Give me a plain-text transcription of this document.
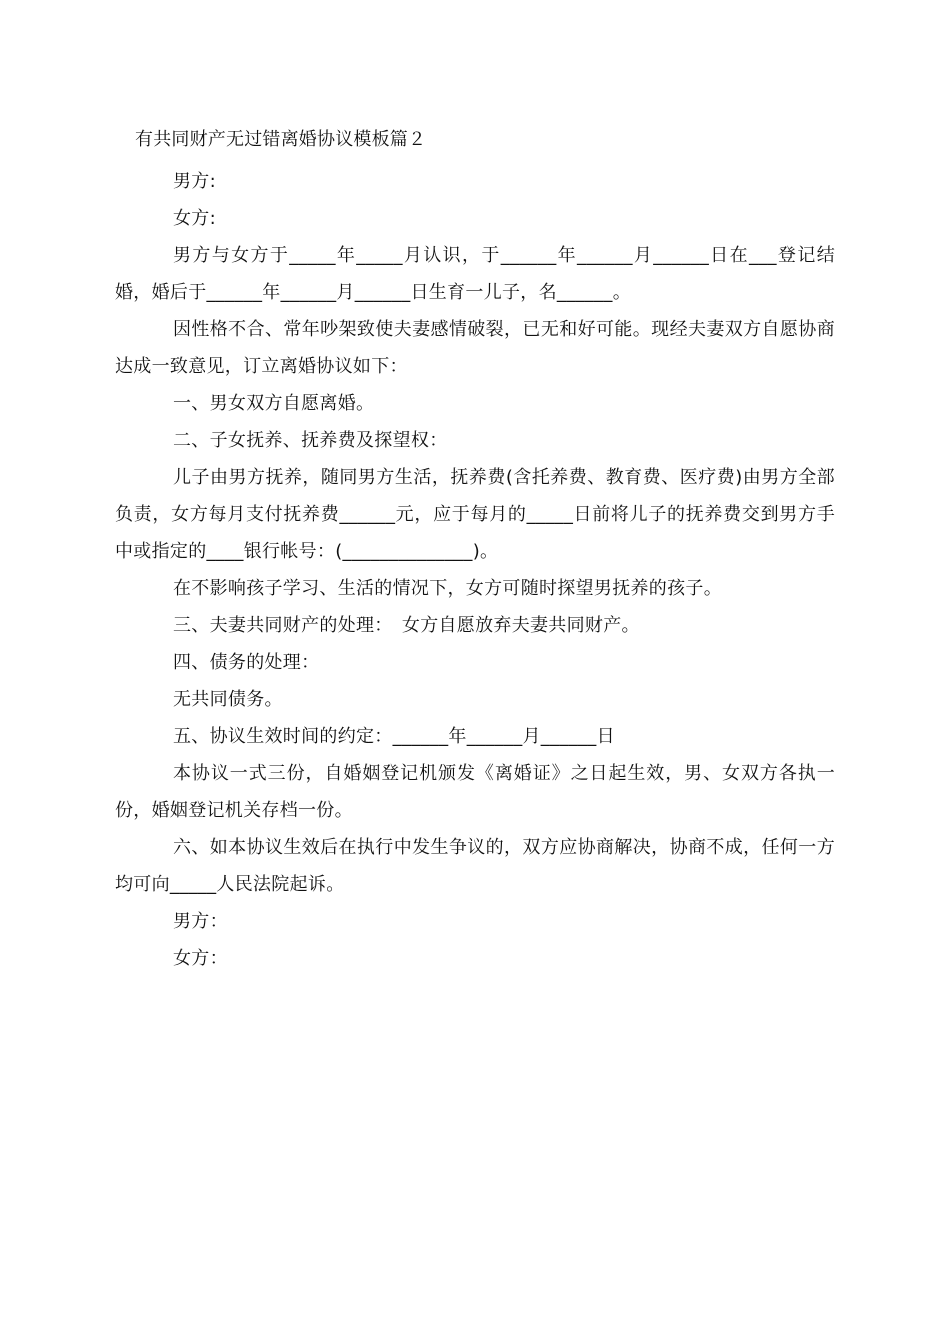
有共同财产无过错离婚协议模板篇２

男方:

女方:

男方与女方于_____年_____月认识，于______年______月______日在___登记结婚，婚后于______年______月______日生育一儿子，名______。

因性格不合、常年吵架致使夫妻感情破裂，已无和好可能。现经夫妻双方自愿协商达成一致意见，订立离婚协议如下：

一、男女双方自愿离婚。

二、子女抚养、抚养费及探望权：

儿子由男方抚养，随同男方生活，抚养费(含托养费、教育费、医疗费)由男方全部负责，女方每月支付抚养费______元，应于每月的_____日前将儿子的抚养费交到男方手中或指定的____银行帐号：(______________)。

在不影响孩子学习、生活的情况下，女方可随时探望男抚养的孩子。

三、夫妻共同财产的处理：　女方自愿放弃夫妻共同财产。

四、债务的处理：

无共同债务。

五、协议生效时间的约定：______年______月______日

本协议一式三份，自婚姻登记机颁发《离婚证》之日起生效，男、女双方各执一份，婚姻登记机关存档一份。

六、如本协议生效后在执行中发生争议的，双方应协商解决，协商不成，任何一方均可向_____人民法院起诉。

男方：

女方：
